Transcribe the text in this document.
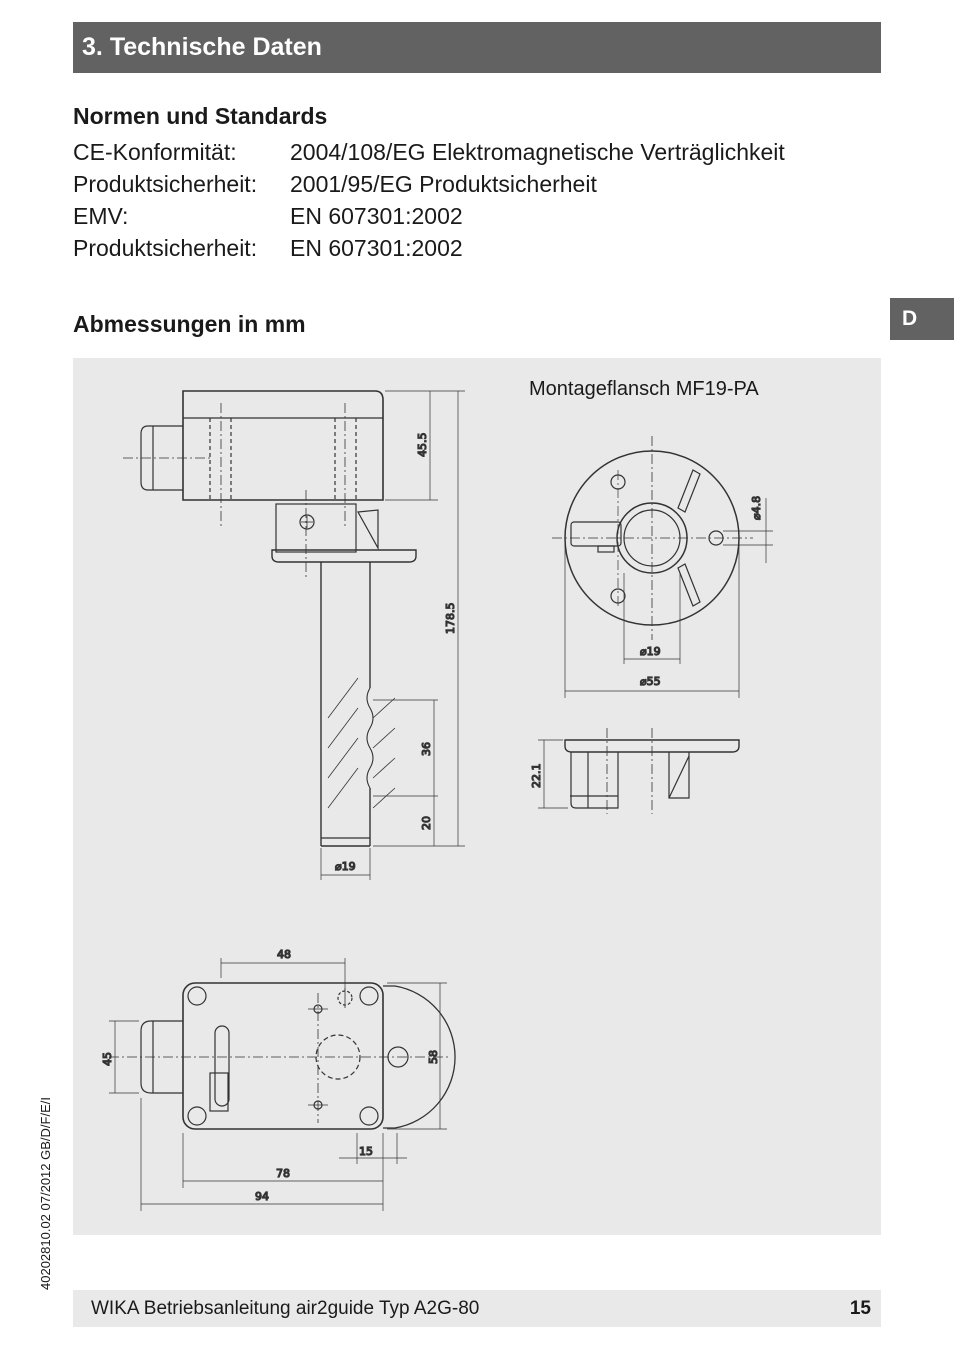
3. Technische Daten
Normen und Standards
CE-Konformität: 2004/108/EG Elektromagnetische Verträglichkeit
Produktsicherheit: 2001/95/EG Produktsicherheit
EMV:	EN 607301:2002
Produktsicherheit: EN 607301:2002
D
Abmessungen in mm
Montageflansch MF19-PA
45.5
178.5
36
20
⌀19
⌀4.8
⌀19
⌀55
22.1
48
45	58
15
78
94
40202810.02 07/2012 GB/D/F/E/I
WIKA Betriebsanleitung air2guide Typ A2G-80	15
